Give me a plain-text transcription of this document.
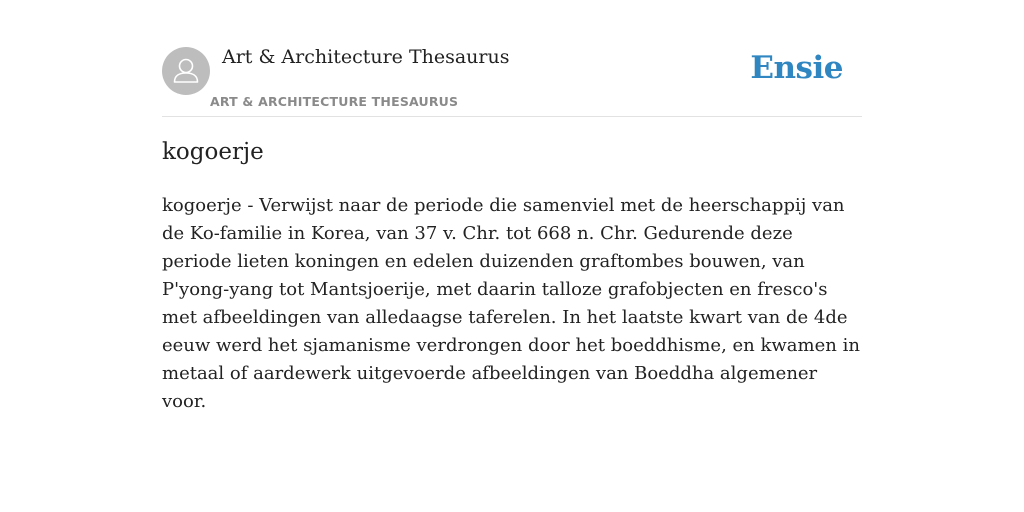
Art & Architecture Thesaurus
ART & ARCHITECTURE THESAURUS
Ensie
kogoerje

kogoerje - Verwijst naar de periode die samenviel met de heerschappij van de Ko-familie in Korea, van 37 v. Chr. tot 668 n. Chr. Gedurende deze periode lieten koningen en edelen duizenden graftombes bouwen, van P'yong-yang tot Mantsjoerije, met daarin talloze grafobjecten en fresco's met afbeeldingen van alledaagse taferelen. In het laatste kwart van de 4de eeuw werd het sjamanisme verdrongen door het boeddhisme, en kwamen in metaal of aardewerk uitgevoerde afbeeldingen van Boeddha algemener voor.
